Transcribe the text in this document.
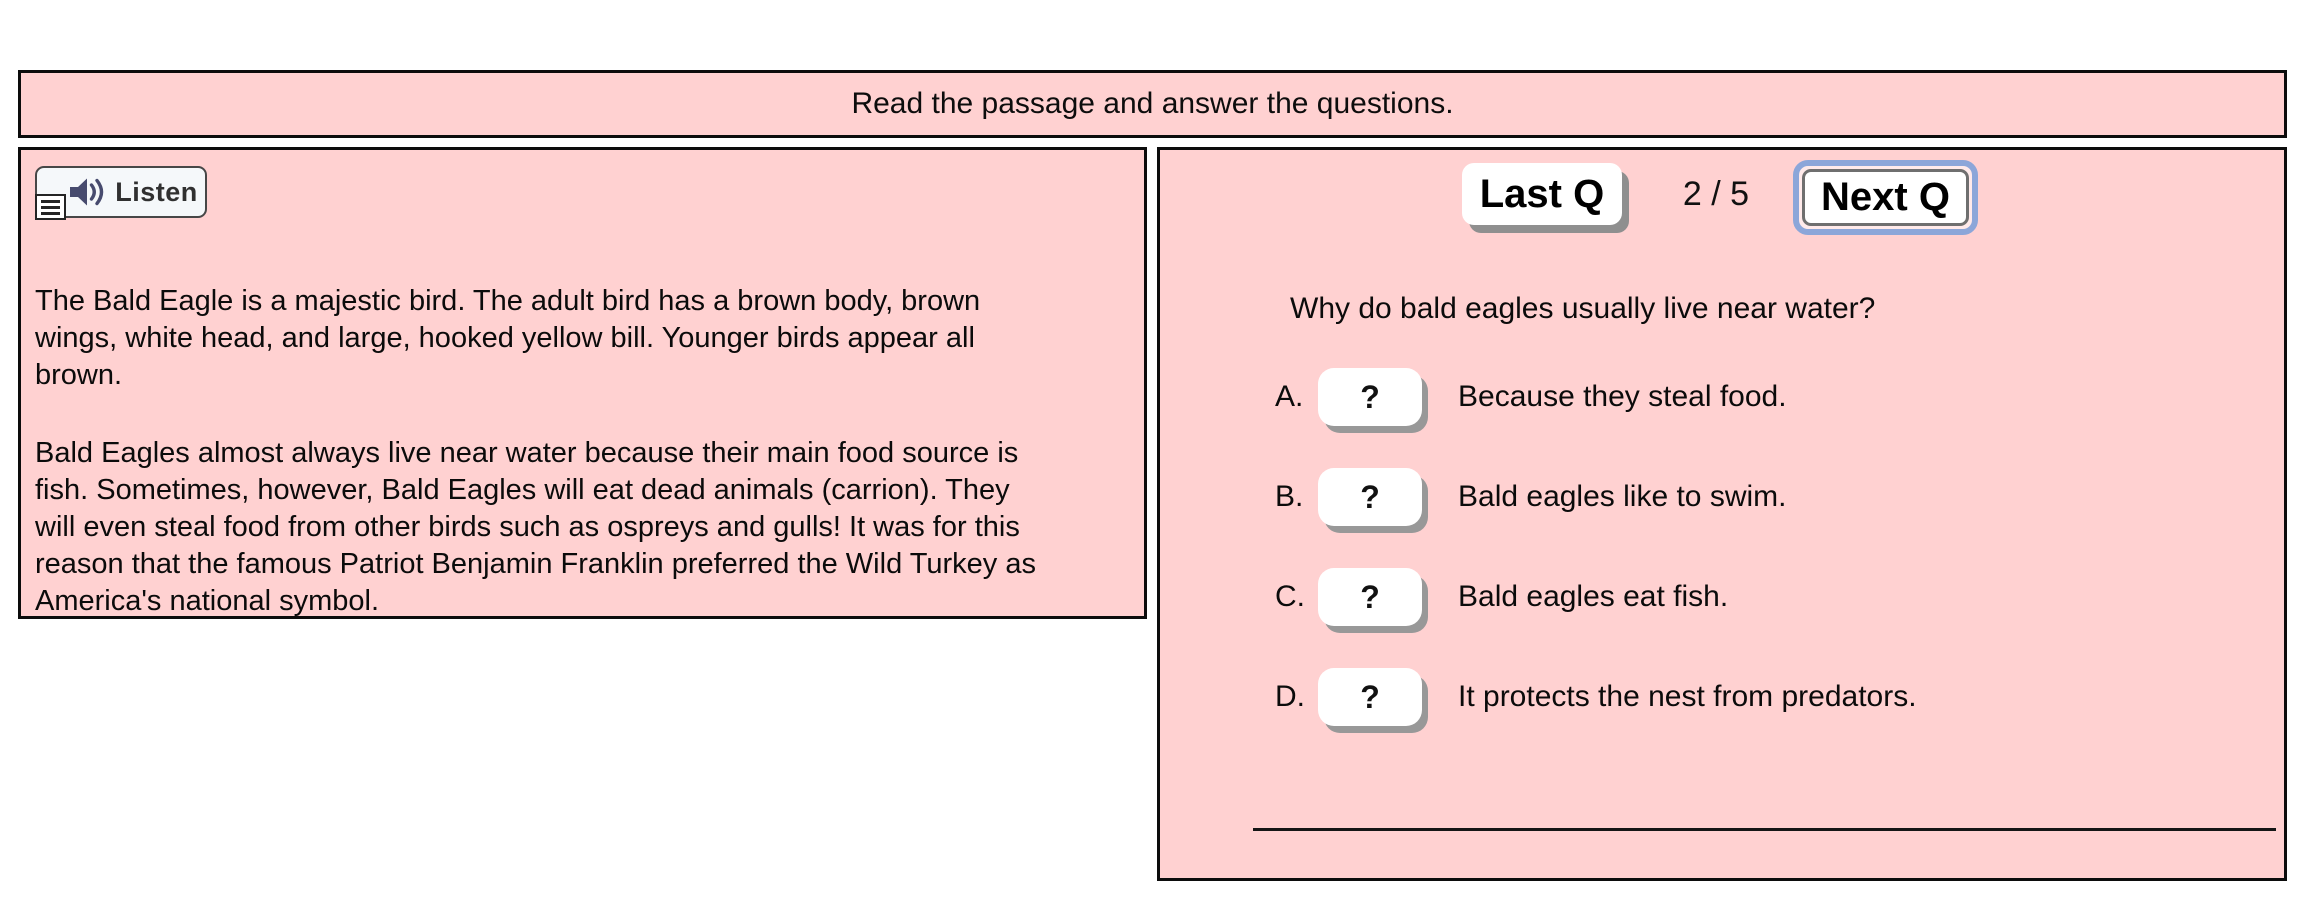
Read the passage and answer the questions.
Listen

The Bald Eagle is a majestic bird. The adult bird has a brown body, brown wings, white head, and large, hooked yellow bill. Younger birds appear all brown.

Bald Eagles almost always live near water because their main food source is fish. Sometimes, however, Bald Eagles will eat dead animals (carrion). They will even steal food from other birds such as ospreys and gulls! It was for this reason that the famous Patriot Benjamin Franklin preferred the Wild Turkey as America's national symbol.

Last Q	2 / 5	Next Q
Why do bald eagles usually live near water?
A.	?	Because they steal food.
B.	?	Bald eagles like to swim.
C.	?	Bald eagles eat fish.
D.	?	It protects the nest from predators.
